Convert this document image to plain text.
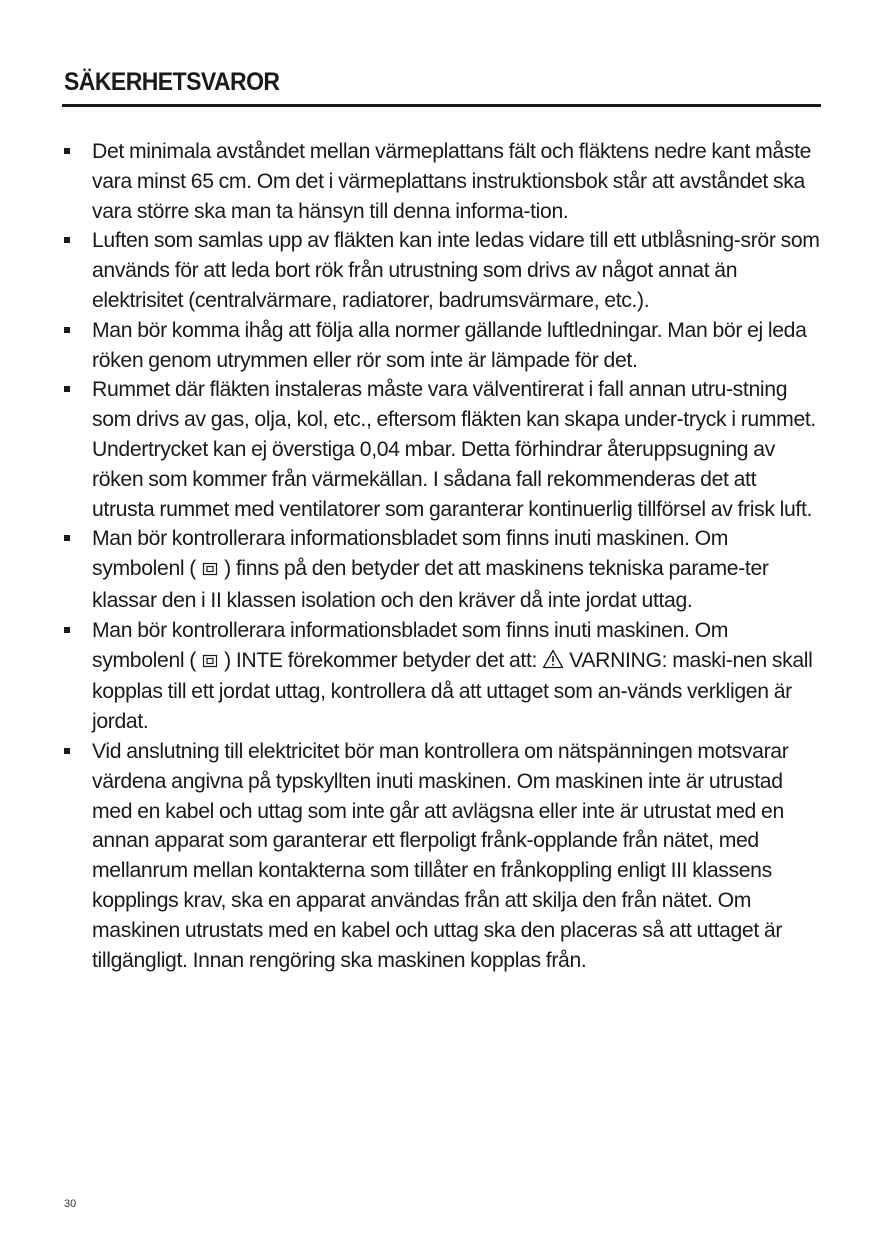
SÄKERHETSVAROR
Det minimala avståndet mellan värmeplattans fält och fläktens nedre kant måste vara minst 65 cm. Om det i värmeplattans instruktionsbok står att avståndet ska vara större ska man ta hänsyn till denna informa-tion.
Luften som samlas upp av fläkten kan inte ledas vidare till ett utblåsning-srör som används för att leda bort rök från utrustning som drivs av något annat än elektrisitet (centralvärmare, radiatorer, badrumsvärmare, etc.).
Man bör komma ihåg att följa alla normer gällande luftledningar. Man bör ej leda röken genom utrymmen eller rör som inte är lämpade för det.
Rummet där fläkten instaleras måste vara välventirerat i fall annan utru-stning som drivs av gas, olja, kol, etc., eftersom fläkten kan skapa under-tryck i rummet. Undertrycket kan ej överstiga 0,04 mbar. Detta förhindrar återuppsugning av röken som kommer från värmekällan. I sådana fall rekommenderas det att utrusta rummet med ventilatorer som garanterar kontinuerlig tillförsel av frisk luft.
Man bör kontrollerara informationsbladet som finns inuti maskinen. Om symbolenl ( ) finns på den betyder det att maskinens tekniska parame-ter klassar den i II klassen isolation och den kräver då inte jordat uttag.
Man bör kontrollerara informationsbladet som finns inuti maskinen. Om symbolenl ( ) INTE förekommer betyder det att: VARNING: maski-nen skall kopplas till ett jordat uttag, kontrollera då att uttaget som an-vänds verkligen är jordat.
Vid anslutning till elektricitet bör man kontrollera om nätspänningen motsvarar värdena angivna på typskyllten inuti maskinen. Om maskinen inte är utrustad med en kabel och uttag som inte går att avlägsna eller inte är utrustat med en annan apparat som garanterar ett flerpoligt frånk-opplande från nätet, med mellanrum mellan kontakterna som tillåter en frånkoppling enligt III klassens kopplings krav, ska en apparat användas från att skilja den från nätet. Om maskinen utrustats med en kabel och uttag ska den placeras så att uttaget är tillgängligt. Innan rengöring ska maskinen kopplas från.
30
